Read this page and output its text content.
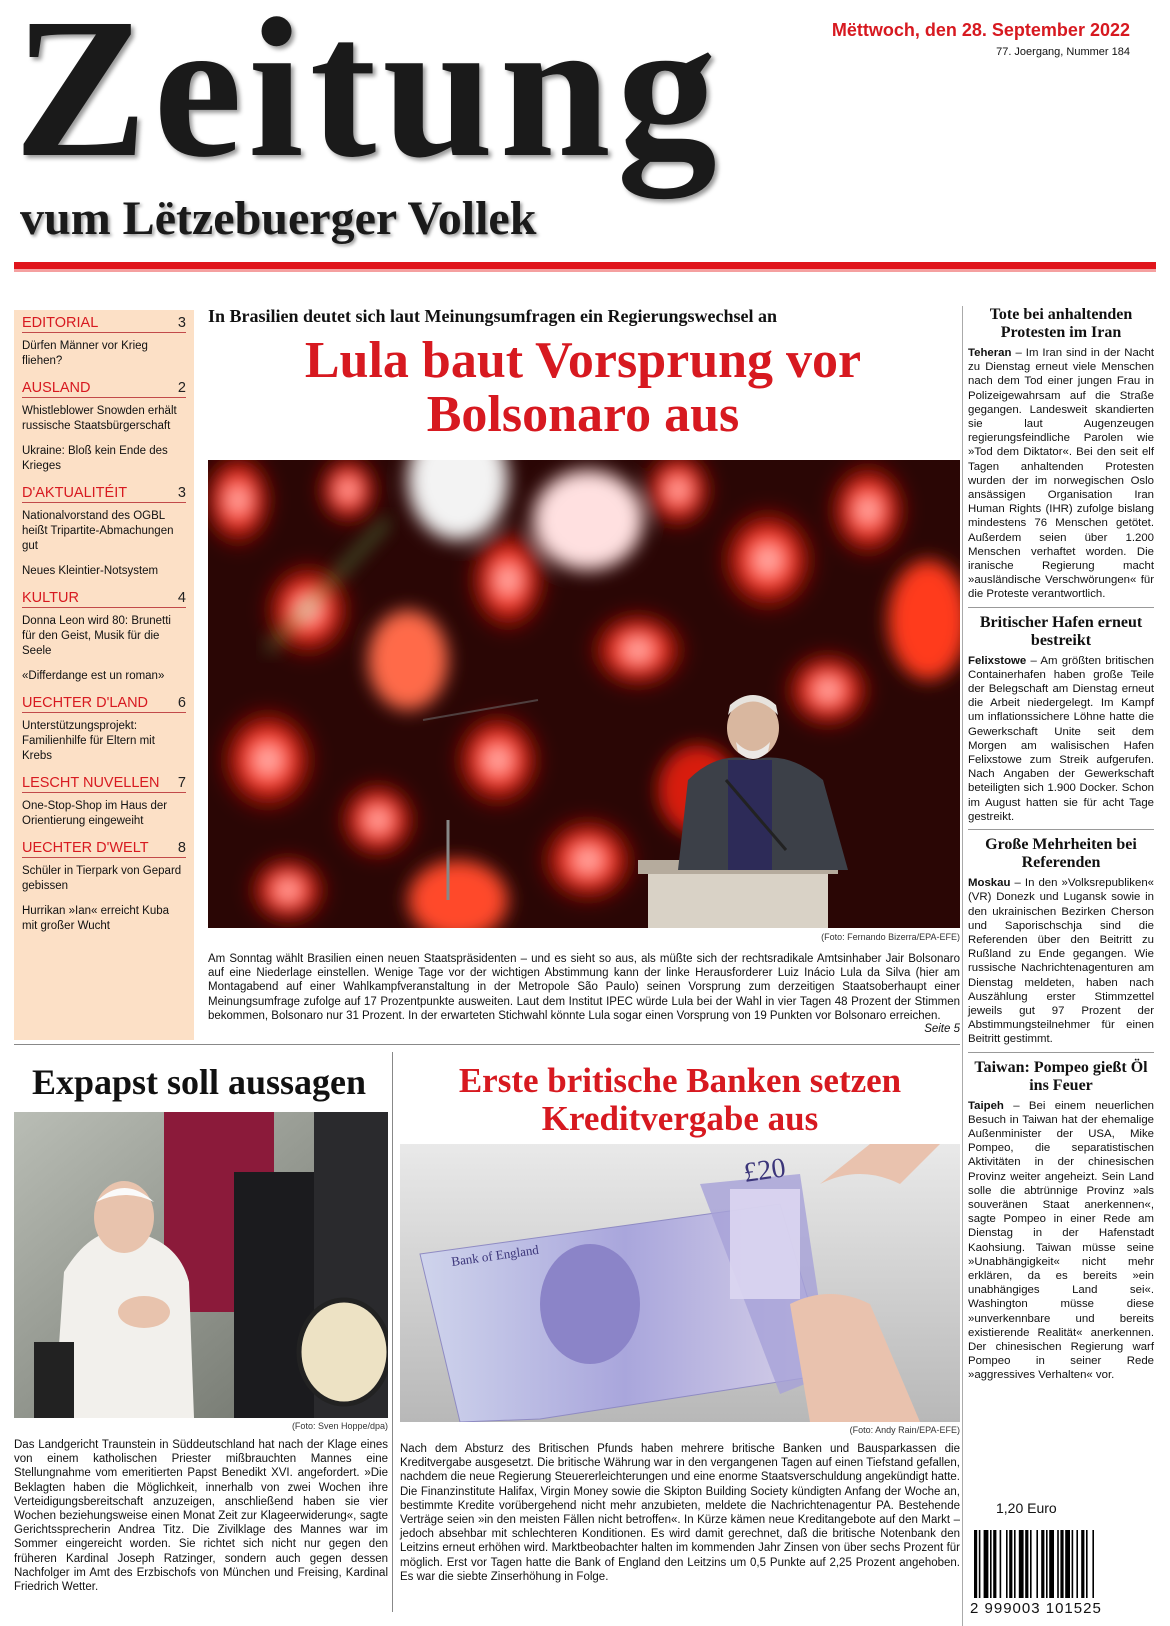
Zeitung
vum Lëtzebuerger Vollek
Mëttwoch, den 28. September 2022
77. Joergang, Nummer 184
EDITORIAL	3
Dürfen Männer vor Krieg fliehen?
AUSLAND	2
Whistleblower Snowden erhält russische Staatsbürgerschaft
Ukraine: Bloß kein Ende des Krieges
D'AKTUALITÉIT	3
Nationalvorstand des OGBL heißt Tripartite-Abmachungen gut
Neues Kleintier-Notsystem
KULTUR	4
Donna Leon wird 80: Brunetti für den Geist, Musik für die Seele
«Differdange est un roman»
UECHTER D'LAND 6
Unterstützungsprojekt: Familienhilfe für Eltern mit Krebs
LESCHT NUVELLEN 7
One-Stop-Shop im Haus der Orientierung eingeweiht
UECHTER D'WELT 8
Schüler in Tierpark von Gepard gebissen
Hurrikan »Ian« erreicht Kuba mit großer Wucht
In Brasilien deutet sich laut Meinungsumfragen ein Regierungswechsel an
Lula baut Vorsprung vor Bolsonaro aus
(Foto: Fernando Bizerra/EPA-EFE)
Am Sonntag wählt Brasilien einen neuen Staatspräsidenten – und es sieht so aus, als müßte sich der rechtsradikale Amtsinhaber Jair Bolsonaro auf eine Niederlage einstellen. Wenige Tage vor der wichtigen Abstimmung kann der linke Herausforderer Luiz Inácio Lula da Silva (hier am Montagabend auf einer Wahlkampfveranstaltung in der Metropole São Paulo) seinen Vorsprung zum derzeitigen Staatsoberhaupt einer Meinungsumfrage zufolge auf 17 Prozentpunkte ausweiten. Laut dem Institut IPEC würde Lula bei der Wahl in vier Tagen 48 Prozent der Stimmen bekommen, Bolsonaro nur 31 Prozent. In der erwarteten Stichwahl könnte Lula sogar einen Vorsprung von 19 Punkten vor Bolsonaro erreichen.
Seite 5
Expapst soll aussagen
(Foto: Sven Hoppe/dpa)
Das Landgericht Traunstein in Süddeutschland hat nach der Klage eines von einem katholischen Priester mißbrauchten Mannes eine Stellungnahme vom emeritierten Papst Benedikt XVI. angefordert. »Die Beklagten haben die Möglichkeit, innerhalb von zwei Wochen ihre Verteidigungsbereitschaft anzuzeigen, anschließend haben sie vier Wochen beziehungsweise einen Monat Zeit zur Klageerwiderung«, sagte Gerichtssprecherin Andrea Titz. Die Zivilklage des Mannes war im Sommer eingereicht worden. Sie richtet sich nicht nur gegen den früheren Kardinal Joseph Ratzinger, sondern auch gegen dessen Nachfolger im Amt des Erzbischofs von München und Freising, Kardinal Friedrich Wetter.
Erste britische Banken setzen Kreditvergabe aus
Bank of England
£20
(Foto: Andy Rain/EPA-EFE)
Nach dem Absturz des Britischen Pfunds haben mehrere britische Banken und Bausparkassen die Kreditvergabe ausgesetzt. Die britische Währung war in den vergangenen Tagen auf einen Tiefstand gefallen, nachdem die neue Regierung Steuererleichterungen und eine enorme Staatsverschuldung angekündigt hatte. Die Finanzinstitute Halifax, Virgin Money sowie die Skipton Building Society kündigten Anfang der Woche an, bestimmte Kredite vorübergehend nicht mehr anzubieten, meldete die Nachrichtenagentur PA. Bestehende Verträge seien »in den meisten Fällen nicht betroffen«. In Kürze kämen neue Kreditangebote auf den Markt – jedoch absehbar mit schlechteren Konditionen. Es wird damit gerechnet, daß die britische Notenbank den Leitzins erneut erhöhen wird. Marktbeobachter halten im kommenden Jahr Zinsen von über sechs Prozent für möglich. Erst vor Tagen hatte die Bank of England den Leitzins um 0,5 Punkte auf 2,25 Prozent angehoben. Es war die siebte Zinserhöhung in Folge.
Tote bei anhaltenden Protesten im Iran
Teheran – Im Iran sind in der Nacht zu Dienstag erneut viele Menschen nach dem Tod einer jungen Frau in Polizeigewahrsam auf die Straße gegangen. Landesweit skandierten sie laut Augenzeugen regierungsfeindliche Parolen wie »Tod dem Diktator«. Bei den seit elf Tagen anhaltenden Protesten wurden der im norwegischen Oslo ansässigen Organisation Iran Human Rights (IHR) zufolge bislang mindestens 76 Menschen getötet. Außerdem seien über 1.200 Menschen verhaftet worden. Die iranische Regierung macht »ausländische Verschwörungen« für die Proteste verantwortlich.
Britischer Hafen erneut bestreikt
Felixstowe – Am größten britischen Containerhafen haben große Teile der Belegschaft am Dienstag erneut die Arbeit niedergelegt. Im Kampf um inflationssichere Löhne hatte die Gewerkschaft Unite seit dem Morgen am walisischen Hafen Felixstowe zum Streik aufgerufen. Nach Angaben der Gewerkschaft beteiligten sich 1.900 Docker. Schon im August hatten sie für acht Tage gestreikt.
Große Mehrheiten bei Referenden
Moskau – In den »Volksrepubliken« (VR) Donezk und Lugansk sowie in den ukrainischen Bezirken Cherson und Saporischschja sind die Referenden über den Beitritt zu Rußland zu Ende gegangen. Wie russische Nachrichtenagenturen am Dienstag meldeten, haben nach Auszählung erster Stimmzettel jeweils gut 97 Prozent der Abstimmungsteilnehmer für einen Beitritt gestimmt.
Taiwan: Pompeo gießt Öl ins Feuer
Taipeh – Bei einem neuerlichen Besuch in Taiwan hat der ehemalige Außenminister der USA, Mike Pompeo, die separatistischen Aktivitäten in der chinesischen Provinz weiter angeheizt. Sein Land solle die abtrünnige Provinz »als souveränen Staat anerkennen«, sagte Pompeo in einer Rede am Dienstag in der Hafenstadt Kaohsiung. Taiwan müsse seine »Unabhängigkeit« nicht mehr erklären, da es bereits »ein unabhängiges Land sei«. Washington müsse diese »unverkennbare und bereits existierende Realität« anerkennen. Der chinesischen Regierung warf Pompeo in seiner Rede »aggressives Verhalten« vor.
1,20 Euro
2 999003 101525
